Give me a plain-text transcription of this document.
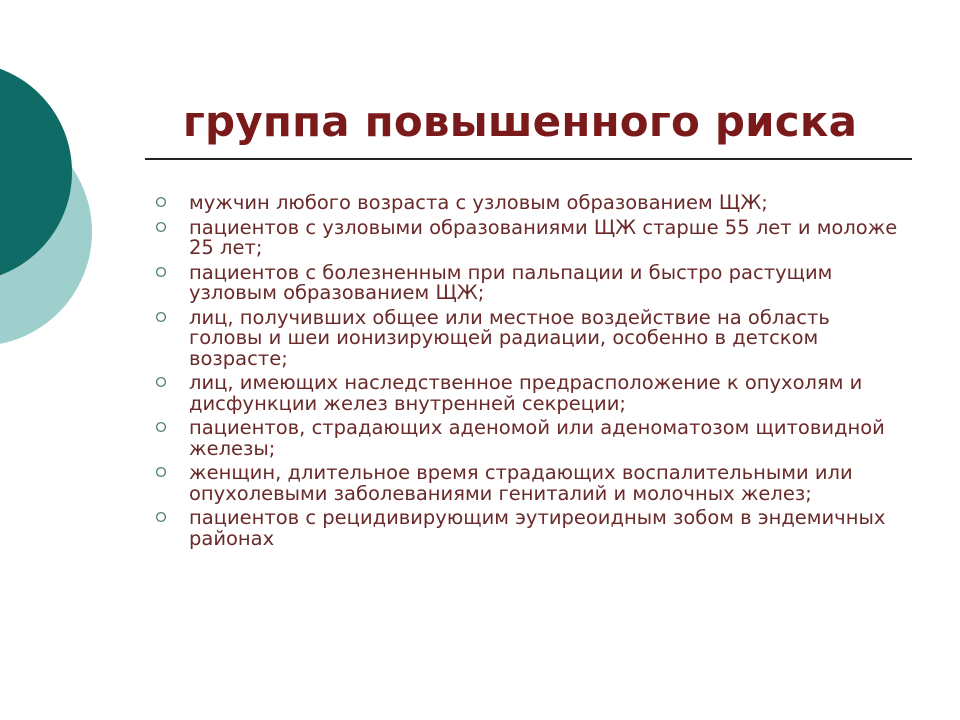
группа повышенного риска
мужчин любого возраста с узловым образованием ЩЖ;
пациентов с узловыми образованиями ЩЖ старше 55 лет и моложе 25 лет;
пациентов с болезненным при пальпации и быстро растущим узловым образованием ЩЖ;
лиц, получивших общее или местное воздействие на область головы и шеи ионизирующей радиации, особенно в детском возрасте;
лиц, имеющих наследственное предрасположение к опухолям и дисфункции желез внутренней секреции;
пациентов, страдающих аденомой или аденоматозом щитовидной железы;
женщин, длительное время страдающих воспалительными или опухолевыми заболеваниями гениталий и молочных желез;
пациентов с рецидивирующим эутиреоидным зобом в эндемичных районах
